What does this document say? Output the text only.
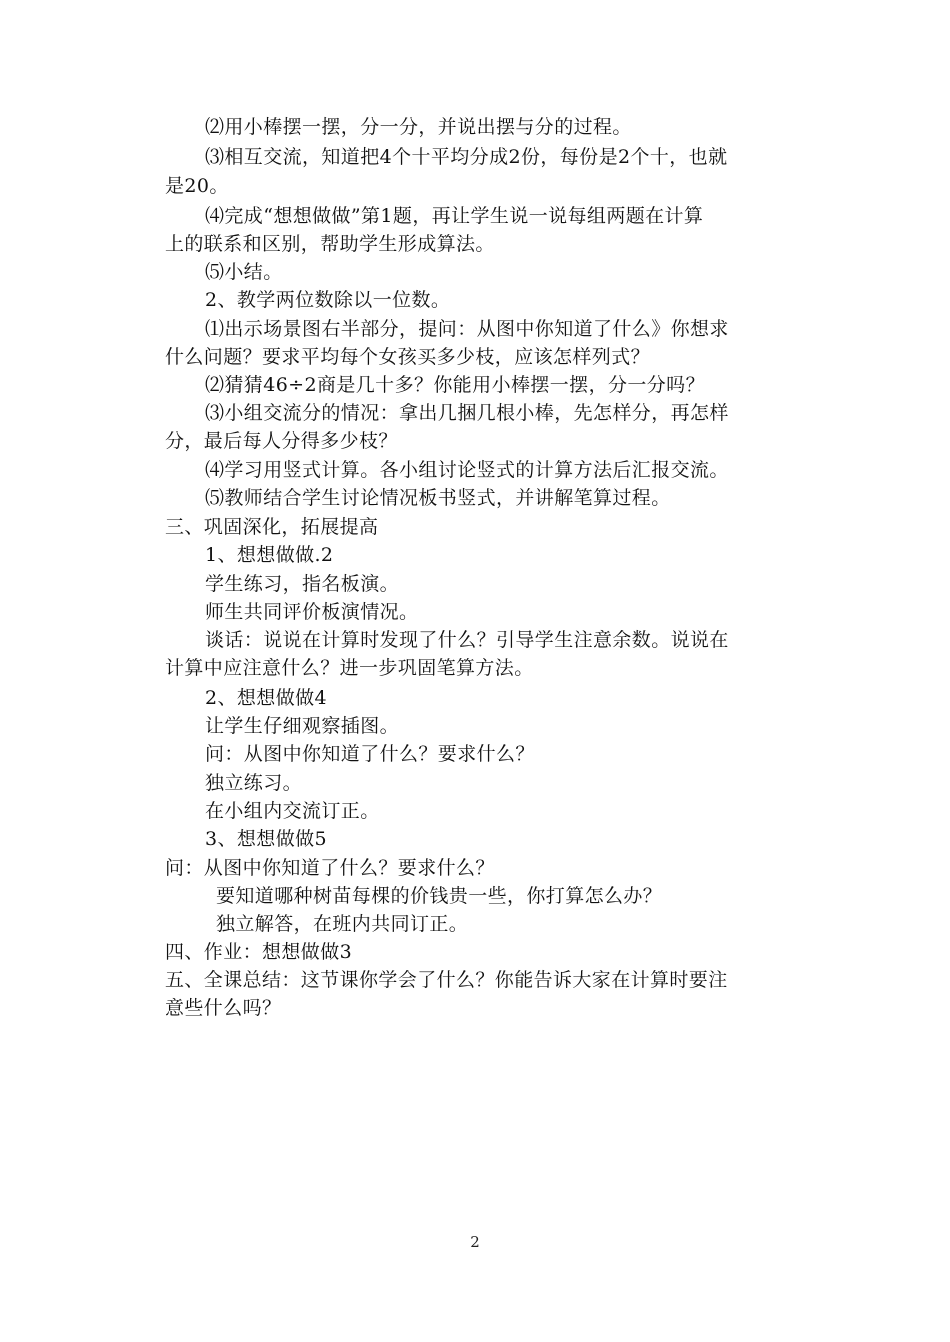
⑵用小棒摆一摆，分一分，并说出摆与分的过程。
⑶相互交流，知道把4个十平均分成2份，每份是2个十，也就
是20。
⑷完成“想想做做”第1题，再让学生说一说每组两题在计算
上的联系和区别，帮助学生形成算法。
⑸小结。
2、教学两位数除以一位数。
⑴出示场景图右半部分，提问：从图中你知道了什么》你想求
什么问题？要求平均每个女孩买多少枝，应该怎样列式？
⑵猜猜46÷2商是几十多？你能用小棒摆一摆，分一分吗？
⑶小组交流分的情况：拿出几捆几根小棒，先怎样分，再怎样
分，最后每人分得多少枝？
⑷学习用竖式计算。各小组讨论竖式的计算方法后汇报交流。
⑸教师结合学生讨论情况板书竖式，并讲解笔算过程。
三、巩固深化，拓展提高
1、想想做做.2
学生练习，指名板演。
师生共同评价板演情况。
谈话：说说在计算时发现了什么？引导学生注意余数。说说在
计算中应注意什么？进一步巩固笔算方法。
2、想想做做4
让学生仔细观察插图。
问：从图中你知道了什么？要求什么？
独立练习。
在小组内交流订正。
3、想想做做5
问：从图中你知道了什么？要求什么？
要知道哪种树苗每棵的价钱贵一些，你打算怎么办？
独立解答，在班内共同订正。
四、作业：想想做做3
五、全课总结：这节课你学会了什么？你能告诉大家在计算时要注
意些什么吗？
2
